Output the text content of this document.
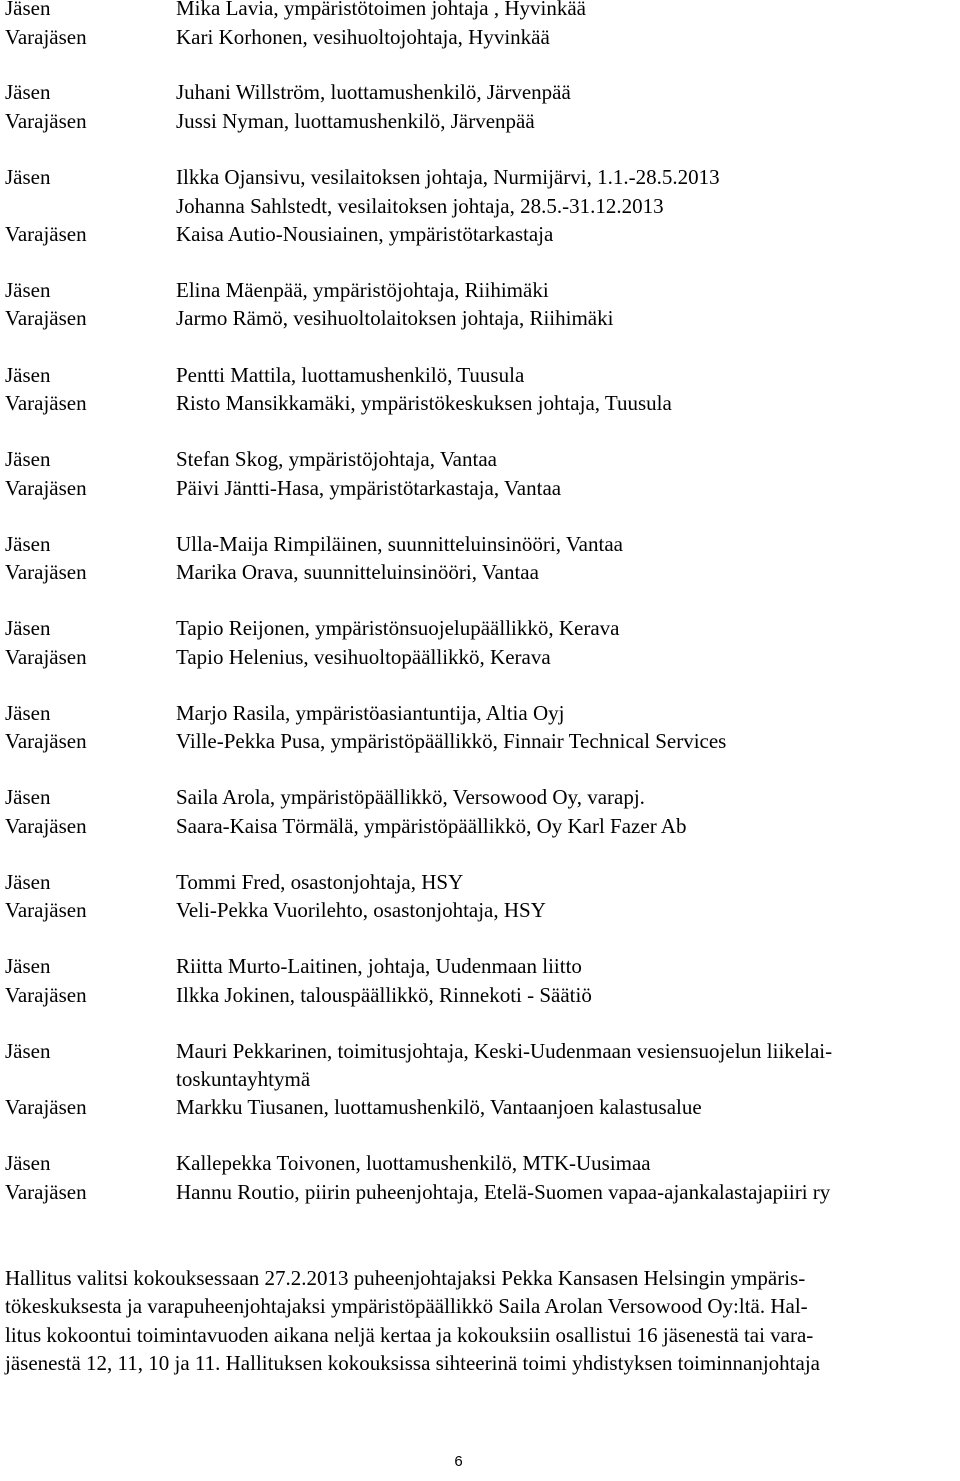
Jäsen	Mika Lavia, ympäristötoimen johtaja , Hyvinkää
Varajäsen	Kari Korhonen, vesihuoltojohtaja, Hyvinkää
Jäsen	Juhani Willström, luottamushenkilö, Järvenpää
Varajäsen	Jussi Nyman, luottamushenkilö, Järvenpää
Jäsen	Ilkka Ojansivu, vesilaitoksen johtaja, Nurmijärvi, 1.1.-28.5.2013
Johanna Sahlstedt, vesilaitoksen johtaja, 28.5.-31.12.2013
Varajäsen	Kaisa Autio-Nousiainen, ympäristötarkastaja
Jäsen	Elina Mäenpää, ympäristöjohtaja, Riihimäki
Varajäsen	Jarmo Rämö, vesihuoltolaitoksen johtaja, Riihimäki
Jäsen	Pentti Mattila, luottamushenkilö, Tuusula
Varajäsen	Risto Mansikkamäki, ympäristökeskuksen johtaja, Tuusula
Jäsen	Stefan Skog, ympäristöjohtaja, Vantaa
Varajäsen	Päivi Jäntti-Hasa, ympäristötarkastaja, Vantaa
Jäsen	Ulla-Maija Rimpiläinen, suunnitteluinsinööri, Vantaa
Varajäsen	Marika Orava, suunnitteluinsinööri, Vantaa
Jäsen	Tapio Reijonen, ympäristönsuojelupäällikkö, Kerava
Varajäsen	Tapio Helenius, vesihuoltopäällikkö, Kerava
Jäsen	Marjo Rasila, ympäristöasiantuntija, Altia Oyj
Varajäsen	Ville-Pekka Pusa, ympäristöpäällikkö, Finnair Technical Services
Jäsen	Saila Arola, ympäristöpäällikkö, Versowood Oy, varapj.
Varajäsen	Saara-Kaisa Törmälä, ympäristöpäällikkö, Oy Karl Fazer Ab
Jäsen	Tommi Fred, osastonjohtaja, HSY
Varajäsen	Veli-Pekka Vuorilehto, osastonjohtaja, HSY
Jäsen	Riitta Murto-Laitinen, johtaja, Uudenmaan liitto
Varajäsen	Ilkka Jokinen, talouspäällikkö, Rinnekoti - Säätiö
Jäsen	Mauri Pekkarinen, toimitusjohtaja, Keski-Uudenmaan vesiensuojelun liikelai-
toskuntayhtymä
Varajäsen	Markku Tiusanen, luottamushenkilö, Vantaanjoen kalastusalue
Jäsen	Kallepekka Toivonen, luottamushenkilö, MTK-Uusimaa
Varajäsen	Hannu Routio, piirin puheenjohtaja, Etelä-Suomen vapaa-ajankalastajapiiri ry
Hallitus valitsi kokouksessaan 27.2.2013 puheenjohtajaksi Pekka Kansasen Helsingin ympäris-
tökeskuksesta ja varapuheenjohtajaksi ympäristöpäällikkö Saila Arolan Versowood Oy:ltä. Hal-
litus kokoontui toimintavuoden aikana neljä kertaa ja kokouksiin osallistui 16 jäsenestä tai vara-
jäsenestä 12, 11, 10 ja 11. Hallituksen kokouksissa sihteerinä toimi yhdistyksen toiminnanjohtaja
6
